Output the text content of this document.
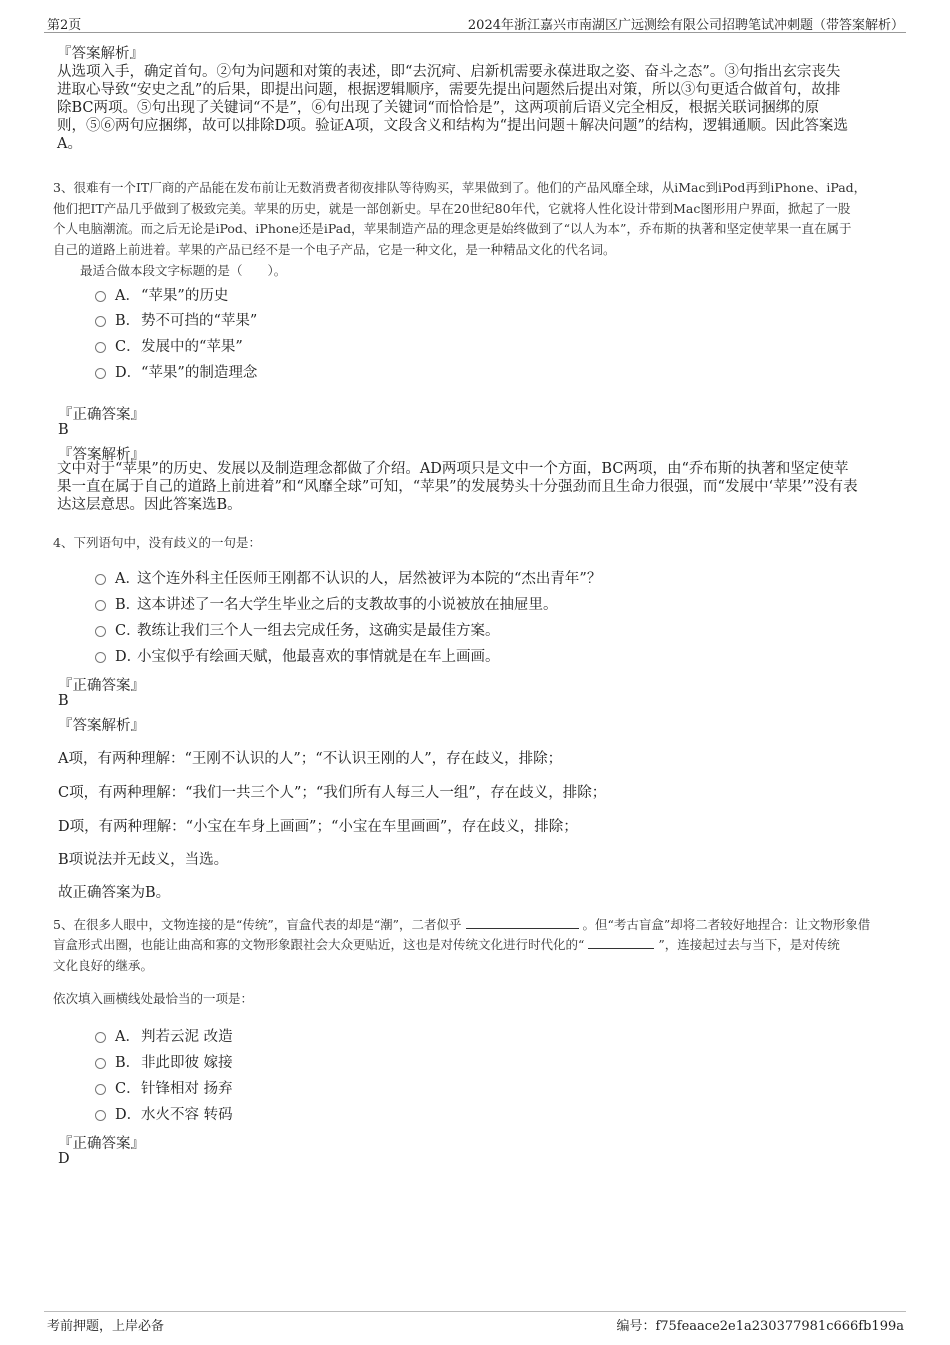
第2页	2024年浙江嘉兴市南湖区广远测绘有限公司招聘笔试冲刺题（带答案解析）
『答案解析』
从选项入手，确定首句。②句为问题和对策的表述，即“去沉疴、启新机需要永葆进取之姿、奋斗之态”。③句指出玄宗丧失
进取心导致“安史之乱”的后果，即提出问题，根据逻辑顺序，需要先提出问题然后提出对策，所以③句更适合做首句，故排
除BC两项。⑤句出现了关键词“不是”，⑥句出现了关键词“而恰恰是”，这两项前后语义完全相反，根据关联词捆绑的原
则，⑤⑥两句应捆绑，故可以排除D项。验证A项，文段含义和结构为“提出问题＋解决问题”的结构，逻辑通顺。因此答案选
A。
3、很难有一个IT厂商的产品能在发布前让无数消费者彻夜排队等待购买，苹果做到了。他们的产品风靡全球，从iMac到iPod再到iPhone、iPad，
他们把IT产品几乎做到了极致完美。苹果的历史，就是一部创新史。早在20世纪80年代，它就将人性化设计带到Mac图形用户界面，掀起了一股
个人电脑潮流。而之后无论是iPod、iPhone还是iPad，苹果制造产品的理念更是始终做到了“以人为本”，乔布斯的执著和坚定使苹果一直在属于
自己的道路上前进着。苹果的产品已经不是一个电子产品，它是一种文化，是一种精品文化的代名词。
最适合做本段文字标题的是（　　）。
A． “苹果”的历史
B． 势不可挡的“苹果”
C． 发展中的“苹果”
D． “苹果”的制造理念
『正确答案』
B
『答案解析』
文中对于“苹果”的历史、发展以及制造理念都做了介绍。AD两项只是文中一个方面，BC两项，由“乔布斯的执著和坚定使苹
果一直在属于自己的道路上前进着”和“风靡全球”可知，“苹果”的发展势头十分强劲而且生命力很强，而“发展中‘苹果’”没有表
达这层意思。因此答案选B。
4、下列语句中，没有歧义的一句是：
A．
这个连外科主任医师王刚都不认识的人，居然被评为本院的“杰出青年”？
B．
这本讲述了一名大学生毕业之后的支教故事的小说被放在抽屉里。
C．
教练让我们三个人一组去完成任务，这确实是最佳方案。
D．
小宝似乎有绘画天赋，他最喜欢的事情就是在车上画画。
『正确答案』
B
『答案解析』
A项，有两种理解：“王刚不认识的人”；“不认识王刚的人”，存在歧义，排除；
C项，有两种理解：“我们一共三个人”；“我们所有人每三人一组”，存在歧义，排除；
D项，有两种理解：“小宝在车身上画画”；“小宝在车里画画”，存在歧义，排除；
B项说法并无歧义，当选。
故正确答案为B。
5、在很多人眼中，文物连接的是“传统”，盲盒代表的却是“潮”，二者似乎	。但“考古盲盒”却将二者较好地捏合：让文物形象借
盲盒形式出圈，也能让曲高和寡的文物形象跟社会大众更贴近，这也是对传统文化进行时代化的“	”，连接起过去与当下，是对传统
文化良好的继承。
依次填入画横线处最恰当的一项是：
A． 判若云泥 改造
B． 非此即彼 嫁接
C． 针锋相对 扬弃
D． 水火不容 转码
『正确答案』
D
考前押题，上岸必备	编号：f75feaace2e1a230377981c666fb199a
